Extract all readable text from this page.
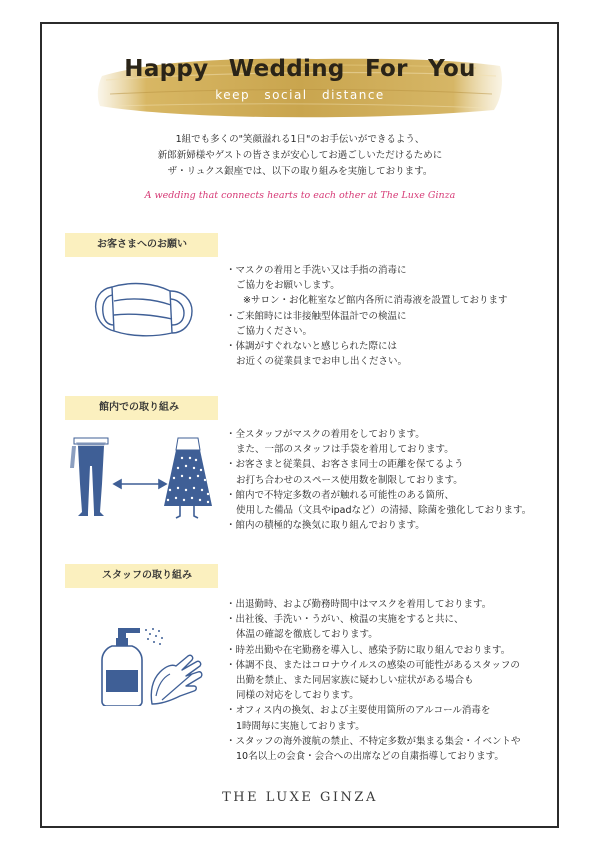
Happy Wedding For You
keep social distance
1組でも多くの"笑顔溢れる1日"のお手伝いができるよう、
新郎新婦様やゲストの皆さまが安心してお過ごしいただけるために
ザ・リュクス銀座では、以下の取り組みを実施しております。
A wedding that connects hearts to each other at The Luxe Ginza
お客さまへのお願い
・マスクの着用と手洗い又は手指の消毒に
ご協力をお願いします。
※サロン・お化粧室など館内各所に消毒液を設置しております
・ご来館時には非接触型体温計での検温に
ご協力ください。
・体調がすぐれないと感じられた際には
お近くの従業員までお申し出ください。
館内での取り組み
・全スタッフがマスクの着用をしております。
また、一部のスタッフは手袋を着用しております。
・お客さまと従業員、お客さま同士の距離を保てるよう
お打ち合わせのスペース使用数を制限しております。
・館内で不特定多数の者が触れる可能性のある箇所、
使用した備品（文具やipadなど）の清掃、除菌を強化しております。
・館内の積極的な換気に取り組んでおります。
スタッフの取り組み
・出退勤時、および勤務時間中はマスクを着用しております。
・出社後、手洗い・うがい、検温の実施をすると共に、
体温の確認を徹底しております。
・時差出勤や在宅勤務を導入し、感染予防に取り組んでおります。
・体調不良、またはコロナウイルスの感染の可能性があるスタッフの
出勤を禁止、また同居家族に疑わしい症状がある場合も
同様の対応をしております。
・オフィス内の換気、および主要使用箇所のアルコール消毒を
1時間毎に実施しております。
・スタッフの海外渡航の禁止、不特定多数が集まる集会・イベントや
10名以上の会食・会合への出席などの自粛指導しております。
THE LUXE GINZA
